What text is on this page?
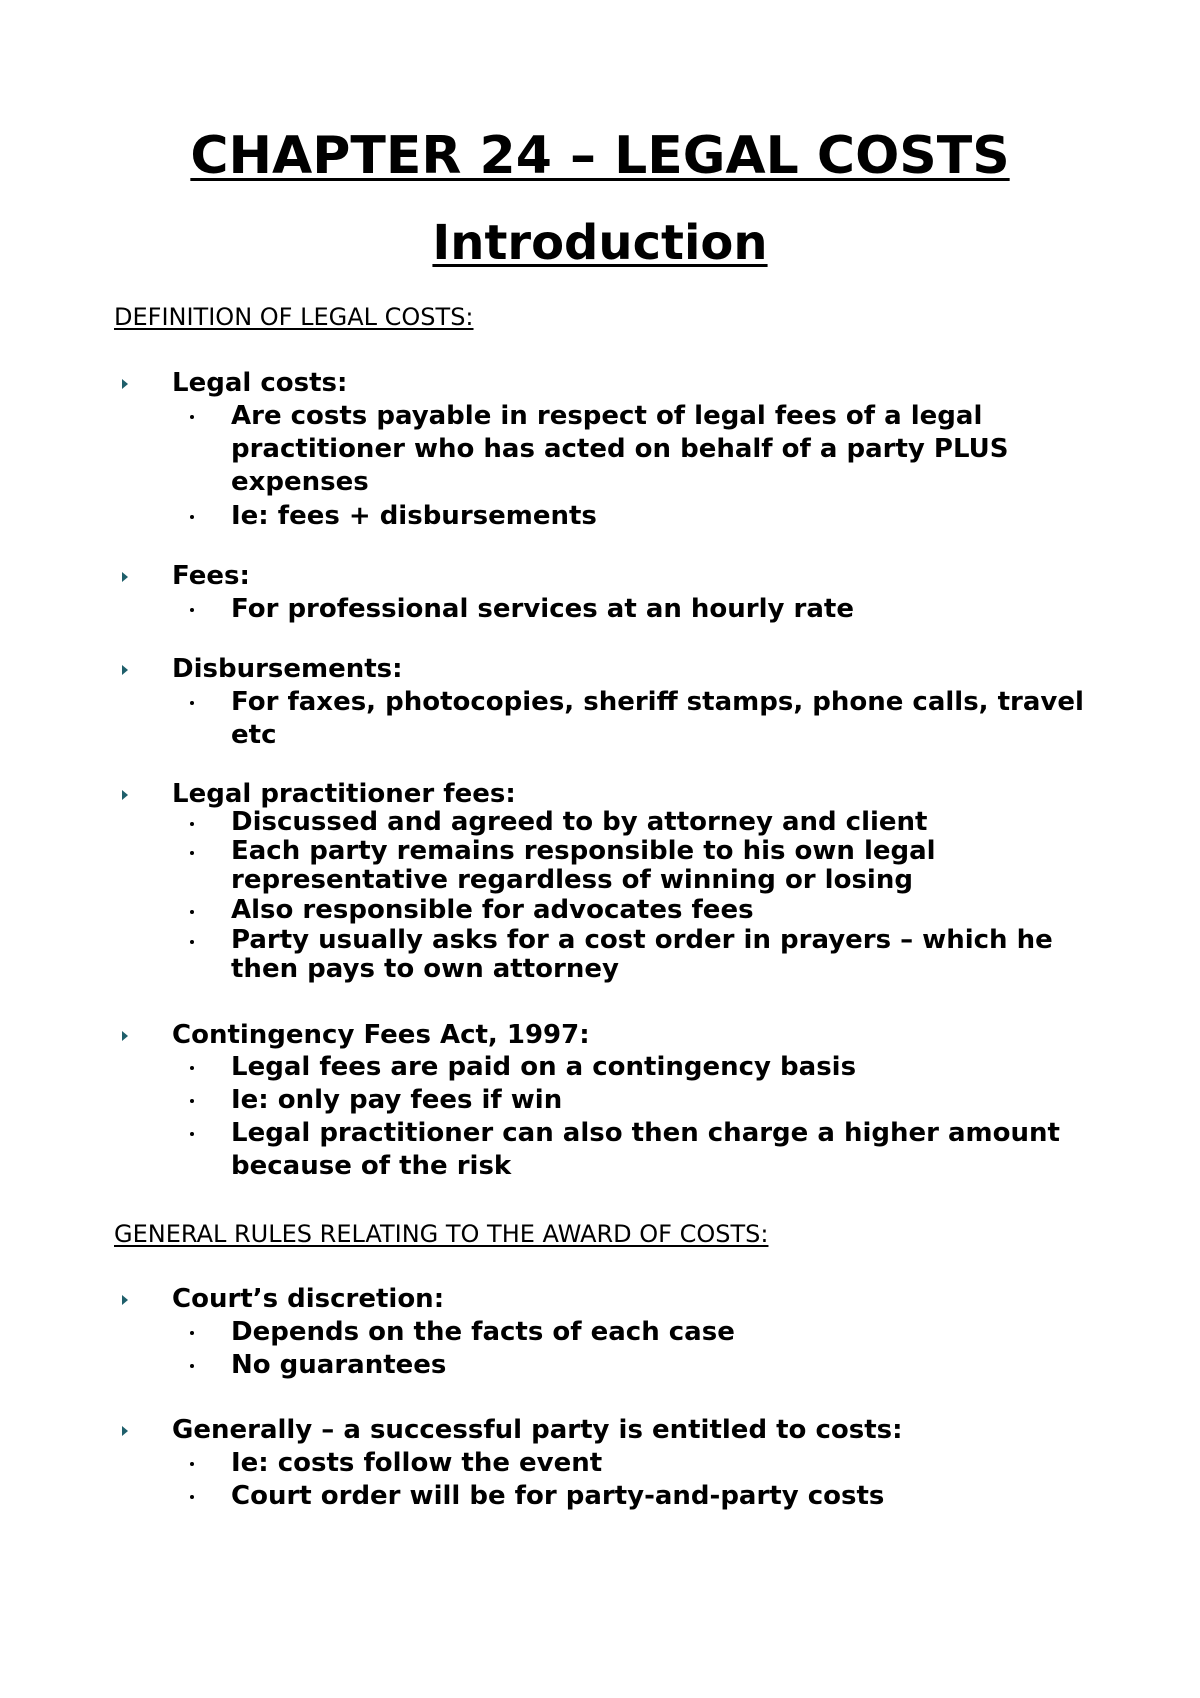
CHAPTER 24 – LEGAL COSTS
Introduction
DEFINITION OF LEGAL COSTS:

Legal costs:

Are costs payable in respect of legal fees of a legal practitioner who has acted on behalf of a party PLUS expenses

Ie: fees + disbursements

Fees:

For professional services at an hourly rate

Disbursements:

For faxes, photocopies, sheriff stamps, phone calls, travel etc

Legal practitioner fees:

Discussed and agreed to by attorney and client

Each party remains responsible to his own legal representative regardless of winning or losing

Also responsible for advocates fees

Party usually asks for a cost order in prayers – which he then pays to own attorney

Contingency Fees Act, 1997:

Legal fees are paid on a contingency basis

Ie: only pay fees if win

Legal practitioner can also then charge a higher amount because of the risk

GENERAL RULES RELATING TO THE AWARD OF COSTS:

Court’s discretion:

Depends on the facts of each case

No guarantees

Generally – a successful party is entitled to costs:

Ie: costs follow the event

Court order will be for party-and-party costs
